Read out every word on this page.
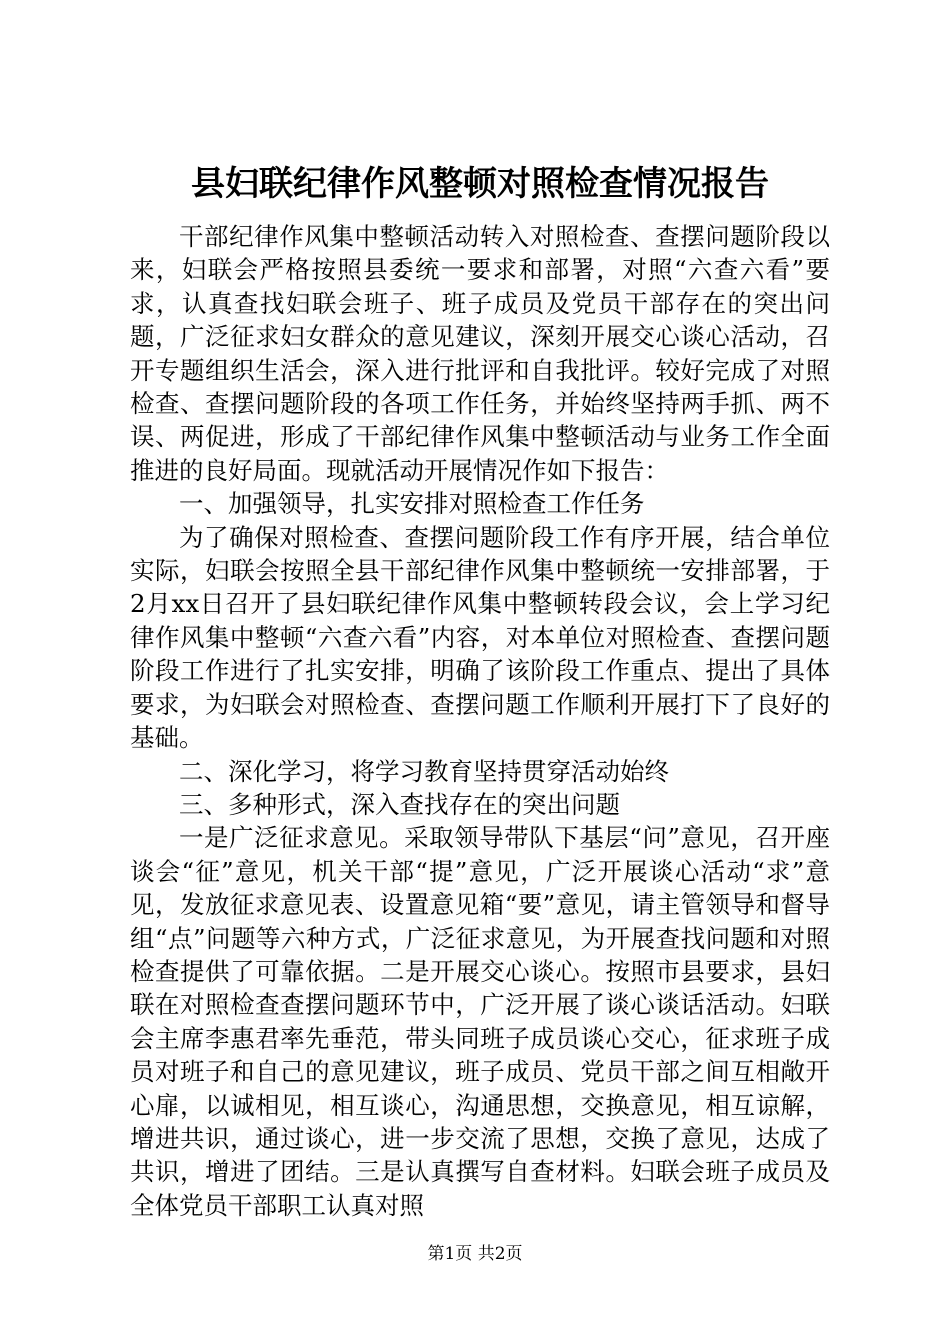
县妇联纪律作风整顿对照检查情况报告

干部纪律作风集中整顿活动转入对照检查、查摆问题阶段以来，妇联会严格按照县委统一要求和部署，对照“六查六看”要求，认真查找妇联会班子、班子成员及党员干部存在的突出问题，广泛征求妇女群众的意见建议，深刻开展交心谈心活动，召开专题组织生活会，深入进行批评和自我批评。较好完成了对照检查、查摆问题阶段的各项工作任务，并始终坚持两手抓、两不误、两促进，形成了干部纪律作风集中整顿活动与业务工作全面推进的良好局面。现就活动开展情况作如下报告：

一、加强领导，扎实安排对照检查工作任务

为了确保对照检查、查摆问题阶段工作有序开展，结合单位实际，妇联会按照全县干部纪律作风集中整顿统一安排部署，于2月xx日召开了县妇联纪律作风集中整顿转段会议，会上学习纪律作风集中整顿“六查六看”内容，对本单位对照检查、查摆问题阶段工作进行了扎实安排，明确了该阶段工作重点、提出了具体要求，为妇联会对照检查、查摆问题工作顺利开展打下了良好的基础。

二、深化学习，将学习教育坚持贯穿活动始终

三、多种形式，深入查找存在的突出问题

一是广泛征求意见。采取领导带队下基层“问”意见，召开座谈会“征”意见，机关干部“提”意见，广泛开展谈心活动“求”意见，发放征求意见表、设置意见箱“要”意见，请主管领导和督导组“点”问题等六种方式，广泛征求意见，为开展查找问题和对照检查提供了可靠依据。二是开展交心谈心。按照市县要求，县妇联在对照检查查摆问题环节中，广泛开展了谈心谈话活动。妇联会主席李惠君率先垂范，带头同班子成员谈心交心，征求班子成员对班子和自己的意见建议，班子成员、党员干部之间互相敞开心扉，以诚相见，相互谈心，沟通思想，交换意见，相互谅解，增进共识，通过谈心，进一步交流了思想，交换了意见，达成了共识，增进了团结。三是认真撰写自查材料。妇联会班子成员及全体党员干部职工认真对照

第1页 共2页
